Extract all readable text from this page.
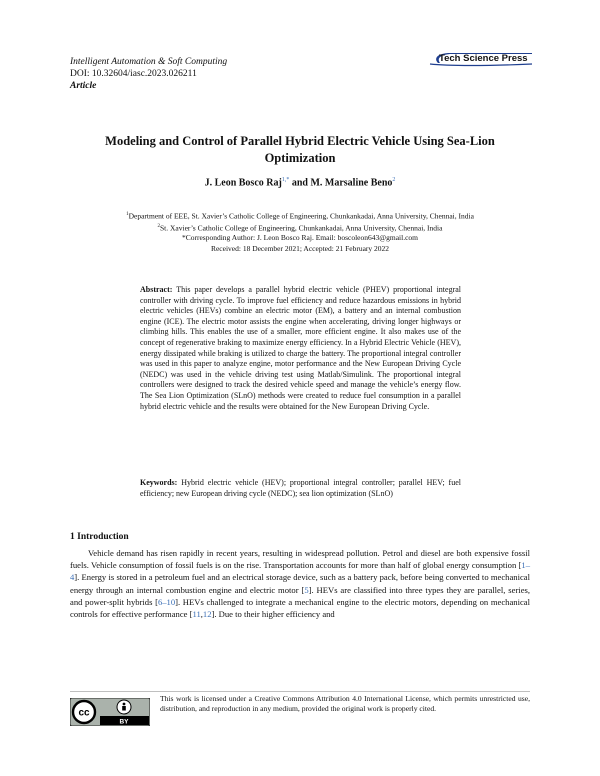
Intelligent Automation & Soft Computing
DOI: 10.32604/iasc.2023.026211
Article
Tech Science Press
Modeling and Control of Parallel Hybrid Electric Vehicle Using Sea-Lion Optimization
J. Leon Bosco Raj$^{1,*}$ and M. Marsaline Beno$^2$
$^1$Department of EEE, St. Xavier’s Catholic College of Engineering, Chunkankadai, Anna University, Chennai, India
$^2$St. Xavier’s Catholic College of Engineering, Chunkankadai, Anna University, Chennai, India
*Corresponding Author: J. Leon Bosco Raj. Email: boscoleon643@gmail.com
Received: 18 December 2021; Accepted: 21 February 2022
Abstract: This paper develops a parallel hybrid electric vehicle (PHEV) proportional integral controller with driving cycle. To improve fuel efficiency and reduce hazardous emissions in hybrid electric vehicles (HEVs) combine an electric motor (EM), a battery and an internal combustion engine (ICE). The electric motor assists the engine when accelerating, driving longer highways or climbing hills. This enables the use of a smaller, more efficient engine. It also makes use of the concept of regenerative braking to maximize energy efficiency. In a Hybrid Electric Vehicle (HEV), energy dissipated while braking is utilized to charge the battery. The proportional integral controller was used in this paper to analyze engine, motor performance and the New European Driving Cycle (NEDC) was used in the vehicle driving test using Matlab/Simulink. The proportional integral controllers were designed to track the desired vehicle speed and manage the vehicle’s energy flow. The Sea Lion Optimization (SLnO) methods were created to reduce fuel consumption in a parallel hybrid electric vehicle and the results were obtained for the New European Driving Cycle.
Keywords: Hybrid electric vehicle (HEV); proportional integral controller; parallel HEV; fuel efficiency; new European driving cycle (NEDC); sea lion optimization (SLnO)
1 Introduction

Vehicle demand has risen rapidly in recent years, resulting in widespread pollution. Petrol and diesel are both expensive fossil fuels. Vehicle consumption of fossil fuels is on the rise. Transportation accounts for more than half of global energy consumption [1–4]. Energy is stored in a petroleum fuel and an electrical storage device, such as a battery pack, before being converted to mechanical energy through an internal combustion engine and electric motor [5]. HEVs are classified into three types they are parallel, series, and power-split hybrids [6–10]. HEVs challenged to integrate a mechanical engine to the electric motors, depending on mechanical controls for effective performance [11,12]. Due to their higher efficiency and

cc
BY
This work is licensed under a Creative Commons Attribution 4.0 International License, which permits unrestricted use, distribution, and reproduction in any medium, provided the original work is properly cited.
